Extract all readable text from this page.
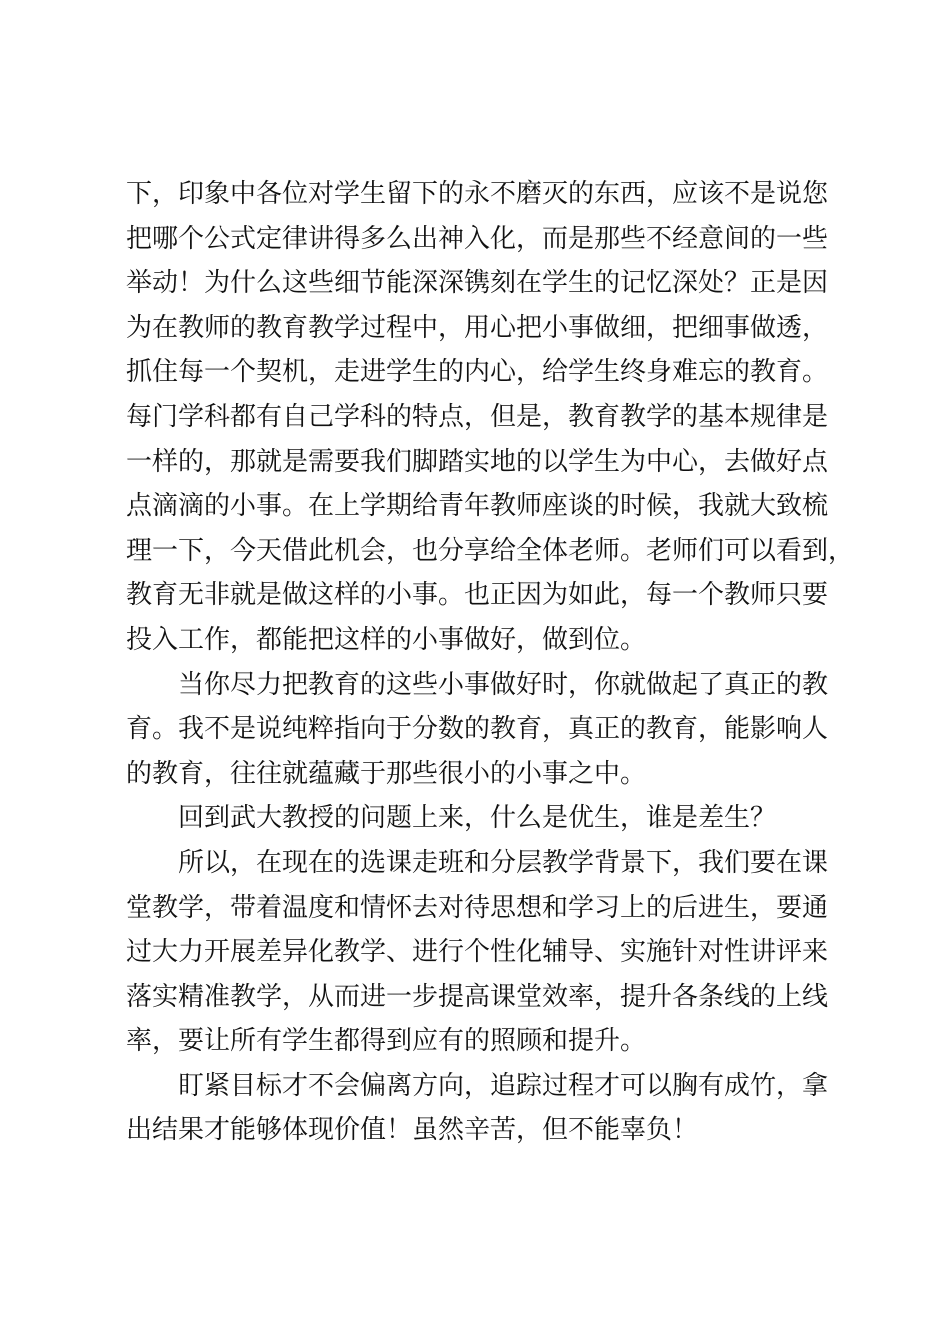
下，印象中各位对学生留下的永不磨灭的东西，应该不是说您
把哪个公式定律讲得多么出神入化，而是那些不经意间的一些
举动！为什么这些细节能深深镌刻在学生的记忆深处？正是因
为在教师的教育教学过程中，用心把小事做细，把细事做透，
抓住每一个契机，走进学生的内心，给学生终身难忘的教育。
每门学科都有自己学科的特点，但是，教育教学的基本规律是
一样的，那就是需要我们脚踏实地的以学生为中心，去做好点
点滴滴的小事。在上学期给青年教师座谈的时候，我就大致梳
理一下，今天借此机会，也分享给全体老师。老师们可以看到，
教育无非就是做这样的小事。也正因为如此，每一个教师只要
投入工作，都能把这样的小事做好，做到位。
当你尽力把教育的这些小事做好时，你就做起了真正的教
育。我不是说纯粹指向于分数的教育，真正的教育，能影响人
的教育，往往就蕴藏于那些很小的小事之中。
回到武大教授的问题上来，什么是优生，谁是差生？
所以，在现在的选课走班和分层教学背景下，我们要在课
堂教学，带着温度和情怀去对待思想和学习上的后进生，要通
过大力开展差异化教学、进行个性化辅导、实施针对性讲评来
落实精准教学，从而进一步提高课堂效率，提升各条线的上线
率，要让所有学生都得到应有的照顾和提升。
盯紧目标才不会偏离方向，追踪过程才可以胸有成竹，拿
出结果才能够体现价值！虽然辛苦，但不能辜负！
